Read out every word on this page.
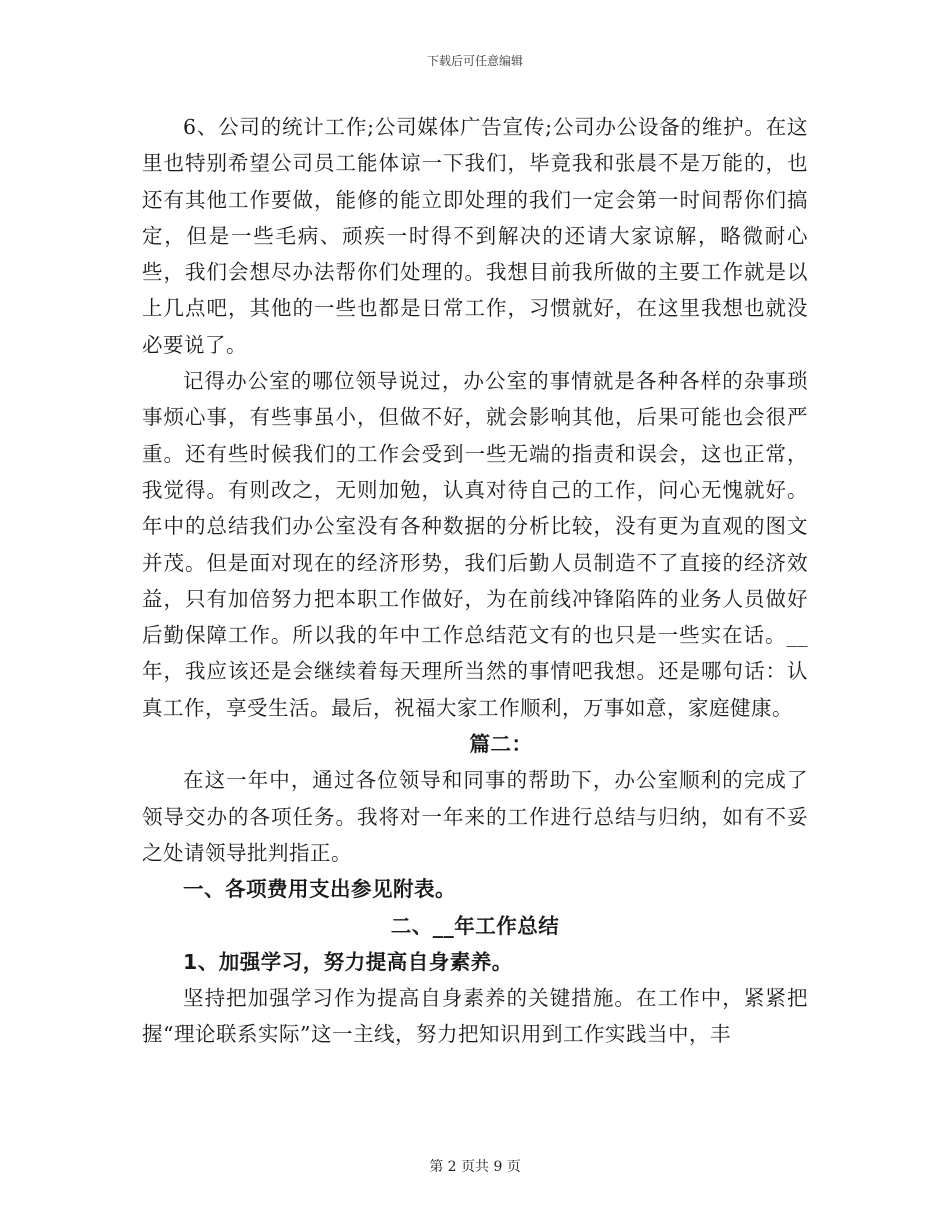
下载后可任意编辑

6、公司的统计工作;公司媒体广告宣传;公司办公设备的维护。在这里也特别希望公司员工能体谅一下我们，毕竟我和张晨不是万能的，也还有其他工作要做，能修的能立即处理的我们一定会第一时间帮你们搞定，但是一些毛病、顽疾一时得不到解决的还请大家谅解，略微耐心些，我们会想尽办法帮你们处理的。我想目前我所做的主要工作就是以上几点吧，其他的一些也都是日常工作，习惯就好，在这里我想也就没必要说了。

记得办公室的哪位领导说过，办公室的事情就是各种各样的杂事琐事烦心事，有些事虽小，但做不好，就会影响其他，后果可能也会很严重。还有些时候我们的工作会受到一些无端的指责和误会，这也正常，我觉得。有则改之，无则加勉，认真对待自己的工作，问心无愧就好。年中的总结我们办公室没有各种数据的分析比较，没有更为直观的图文并茂。但是面对现在的经济形势，我们后勤人员制造不了直接的经济效益，只有加倍努力把本职工作做好，为在前线冲锋陷阵的业务人员做好后勤保障工作。所以我的年中工作总结范文有的也只是一些实在话。__年，我应该还是会继续着每天理所当然的事情吧我想。还是哪句话：认真工作，享受生活。最后，祝福大家工作顺利，万事如意，家庭健康。

篇二：

在这一年中，通过各位领导和同事的帮助下，办公室顺利的完成了领导交办的各项任务。我将对一年来的工作进行总结与归纳，如有不妥之处请领导批判指正。

一、各项费用支出参见附表。

二、__年工作总结

1、加强学习，努力提高自身素养。

坚持把加强学习作为提高自身素养的关键措施。在工作中，紧紧把握“理论联系实际”这一主线，努力把知识用到工作实践当中，丰

第 2 页共 9 页
